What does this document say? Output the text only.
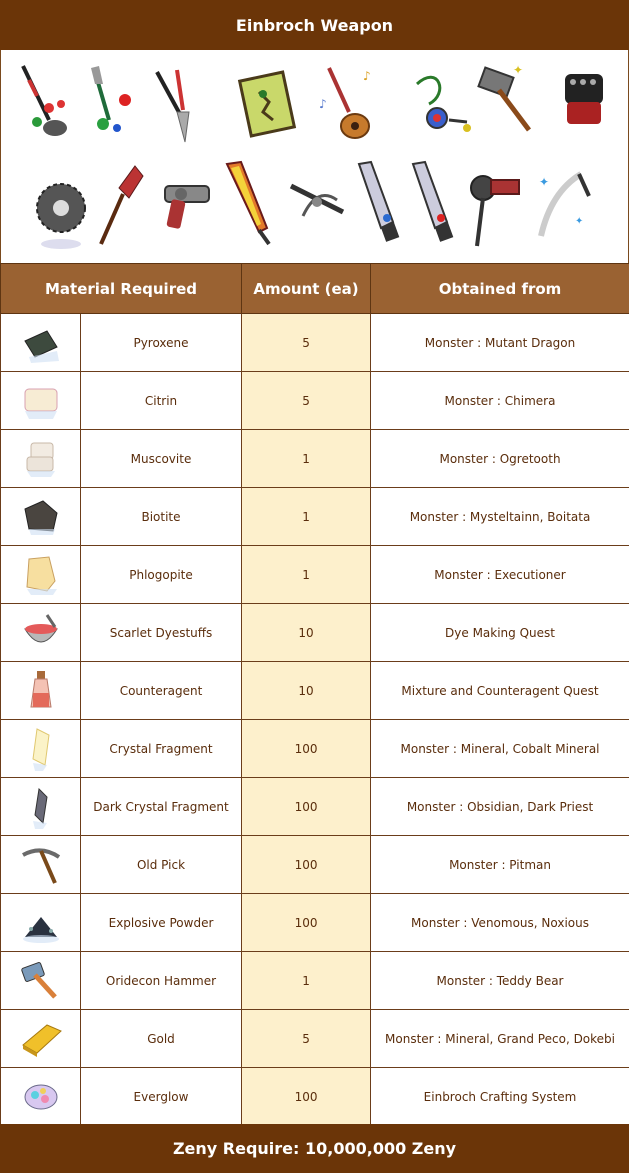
Einbroch Weapon
♪
♪
✦
✦
✦
Material Required		Amount (ea)	Obtained from

	Pyroxene	5	Monster : Mutant Dragon

	Citrin	5	Monster : Chimera

	Muscovite	1	Monster : Ogretooth

	Biotite	1	Monster : Mysteltainn, Boitata

	Phlogopite	1	Monster : Executioner

	Scarlet Dyestuffs	10	Dye Making Quest

	Counteragent	10	Mixture and Counteragent Quest

	Crystal Fragment	100	Monster : Mineral, Cobalt Mineral

	Dark Crystal Fragment	100	Monster : Obsidian, Dark Priest

	Old Pick	100	Monster : Pitman

	Explosive Powder	100	Monster : Venomous, Noxious

	Oridecon Hammer	1	Monster : Teddy Bear

	Gold	5	Monster : Mineral, Grand Peco, Dokebi

	Everglow	100	Einbroch Crafting System
Zeny Require: 10,000,000 Zeny
